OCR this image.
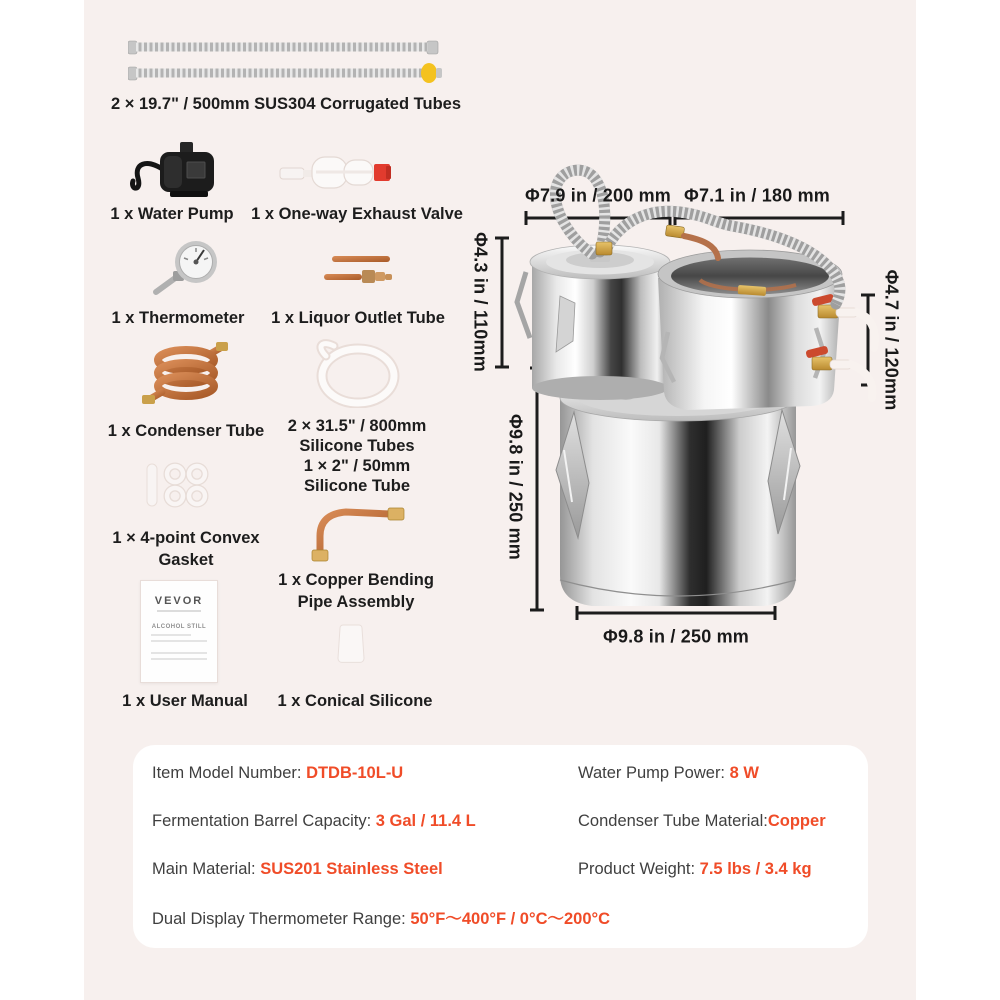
2 × 19.7" / 500mm SUS304 Corrugated Tubes
1 x Water Pump 1 x One-way Exhaust Valve
1 x Thermometer 1 x Liquor Outlet Tube
1 x Condenser Tube 2 × 31.5" / 800mm
Silicone Tubes
1 × 2" / 50mm
Silicone Tube
1 × 4-point Convex
Gasket
1 x Copper Bending
Pipe Assembly
VEVOR
ALCOHOL STILL
1 x User Manual 1 x Conical Silicone
Φ7.9 in / 200 mm Φ7.1 in / 180 mm
Φ4.3 in / 110mm
Φ9.8 in / 250 mm
Φ4.7 in / 120mm
Φ9.8 in / 250 mm
Item Model Number: DTDB-10L-U	Water Pump Power: 8 W
Fermentation Barrel Capacity: 3 Gal / 11.4 L	Condenser Tube Material:Copper
Main Material: SUS201 Stainless Steel	Product Weight: 7.5 lbs / 3.4 kg
Dual Display Thermometer Range: 50°F～400°F / 0°C～200°C
